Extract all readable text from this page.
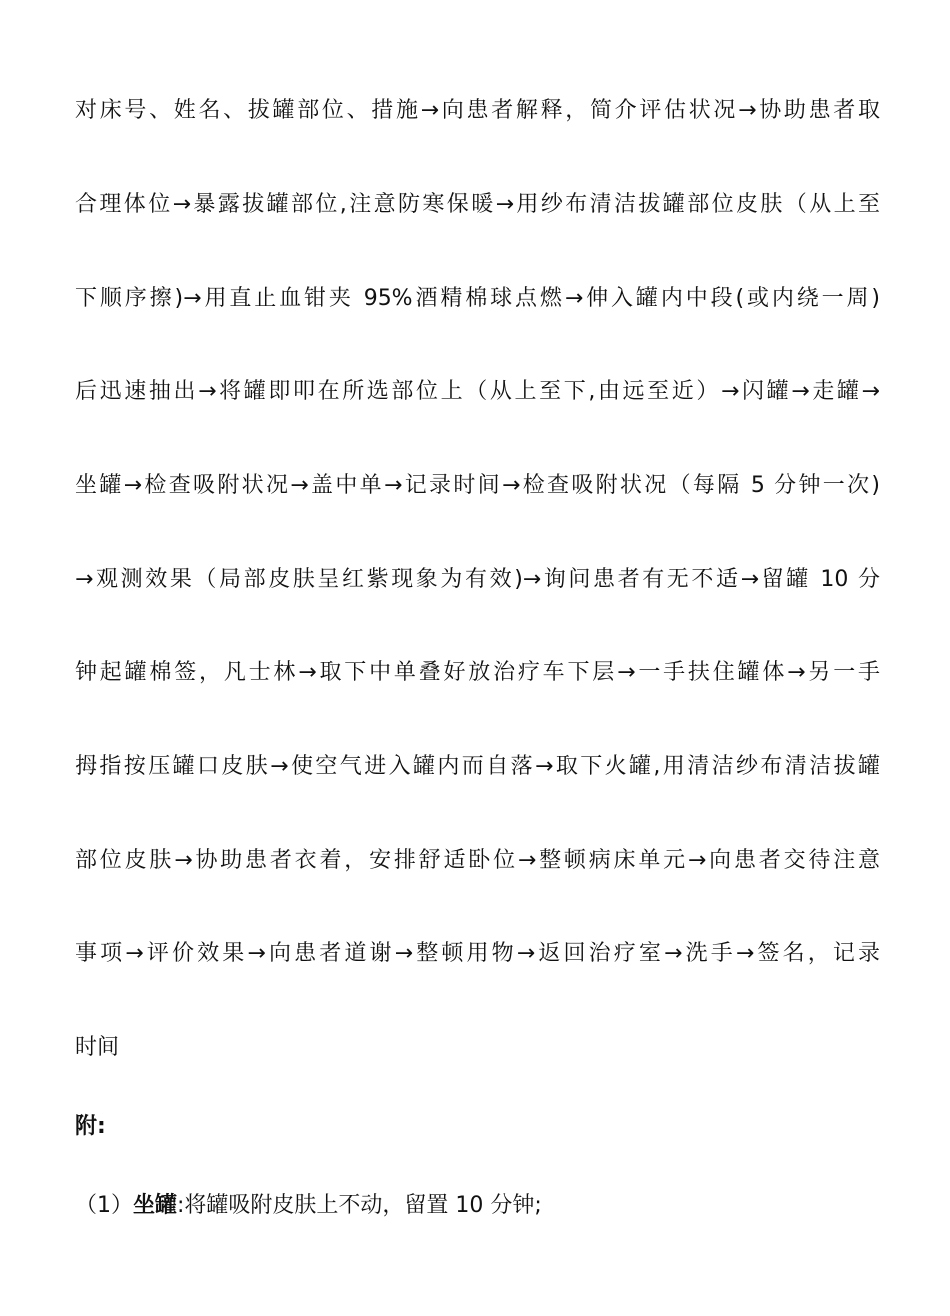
对床号、姓名、拔罐部位、措施→向患者解释，简介评估状况→协助患者取
合理体位→暴露拔罐部位,注意防寒保暖→用纱布清洁拔罐部位皮肤（从上至
下顺序擦)→用直止血钳夹 95%酒精棉球点燃→伸入罐内中段(或内绕一周)
后迅速抽出→将罐即叩在所选部位上（从上至下,由远至近）→闪罐→走罐→
坐罐→检查吸附状况→盖中单→记录时间→检查吸附状况（每隔 5 分钟一次)
→观测效果（局部皮肤呈红紫现象为有效)→询问患者有无不适→留罐 10 分
钟起罐棉签，凡士林→取下中单叠好放治疗车下层→一手扶住罐体→另一手
拇指按压罐口皮肤→使空气进入罐内而自落→取下火罐,用清洁纱布清洁拔罐
部位皮肤→协助患者衣着，安排舒适卧位→整顿病床单元→向患者交待注意
事项→评价效果→向患者道谢→整顿用物→返回治疗室→洗手→签名，记录
时间
附:
（1）坐罐:将罐吸附皮肤上不动，留置 10 分钟;
